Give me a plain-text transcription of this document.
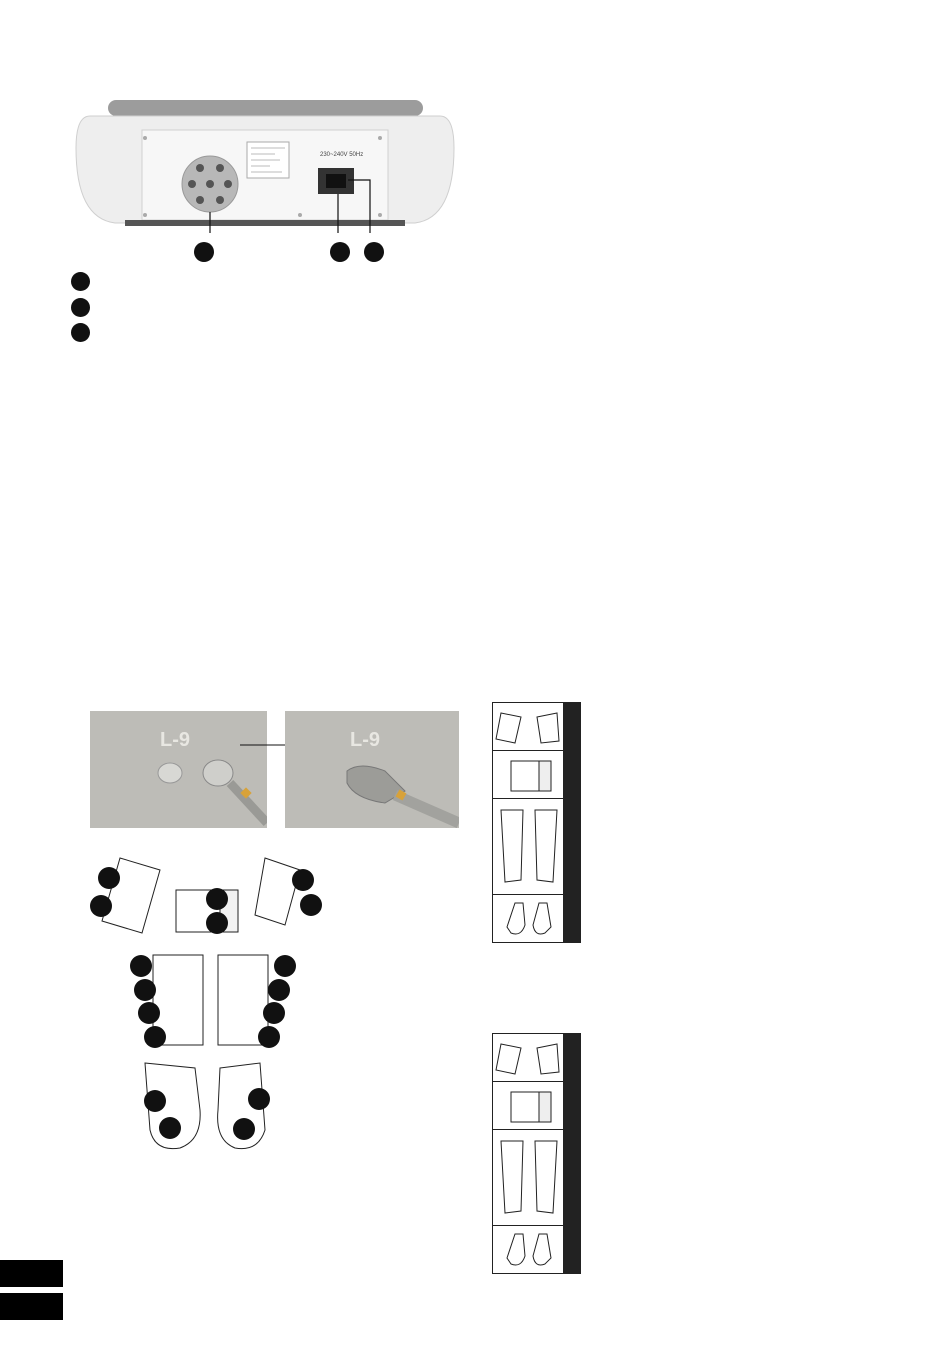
230~240V 50Hz
L-9	L-9
